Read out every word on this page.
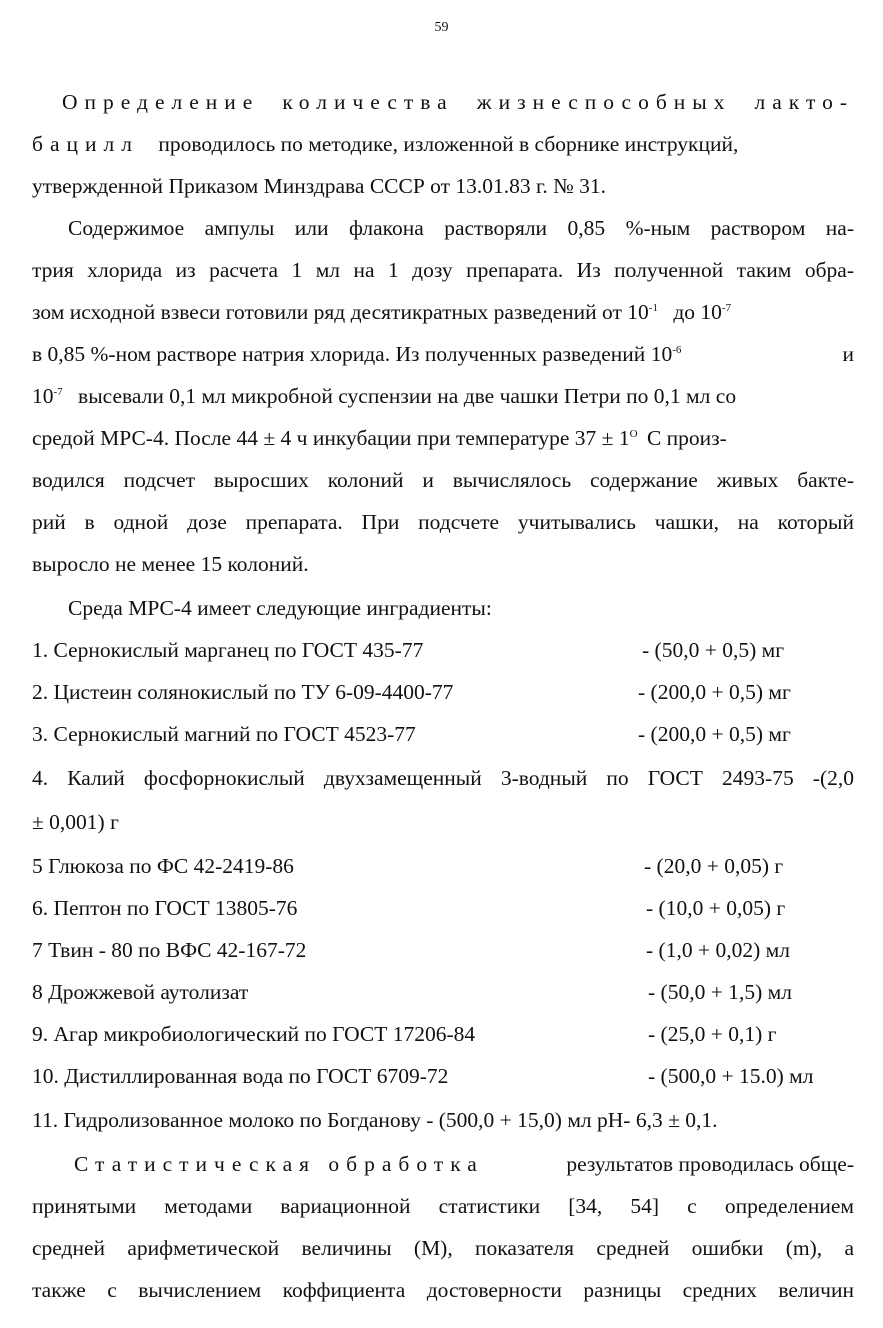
59
Определение количества жизнеспособных лакто-
бацилл проводилось по методике, изложенной в сборнике инструкций,
утвержденной Приказом Минздрава СССР от 13.01.83 г. № 31.
Содержимое ампулы или флакона растворяли 0,85 %-ным раствором на-
трия хлорида из расчета 1 мл на 1 дозу препарата. Из полученной таким обра-
зом исходной взвеси готовили ряд десятикратных разведений от $10^{-1}$ до $10^{-7}$
в 0,85 %-ном растворе натрия хлорида. Из полученных разведений $10^{-6}$	и
$10^{-7}$ высевали 0,1 мл микробной суспензии на две чашки Петри по 0,1 мл со
средой МРС-4. После 44 ± 4 ч инкубации при температуре $37 \pm 1^O$ C произ-
водился подсчет выросших колоний и вычислялось содержание живых бакте-
рий в одной дозе препарата. При подсчете учитывались чашки, на который
выросло не менее 15 колоний.
Среда МРС-4 имеет следующие инградиенты:
1. Сернокислый марганец по ГОСТ 435-77	- (50,0 + 0,5) мг
2. Цистеин солянокислый по ТУ 6-09-4400-77	- (200,0 + 0,5) мг
3. Сернокислый магний по ГОСТ 4523-77	- (200,0 + 0,5) мг
4. Калий фосфорнокислый двухзамещенный 3-водный по ГОСТ 2493-75 -(2,0
± 0,001) г
5 Глюкоза по ФС 42-2419-86	- (20,0 + 0,05) г
6. Пептон по ГОСТ 13805-76	- (10,0 + 0,05) г
7 Твин - 80 по ВФС 42-167-72	- (1,0 + 0,02) мл
8 Дрожжевой аутолизат	- (50,0 + 1,5) мл
9. Агар микробиологический по ГОСТ 17206-84	- (25,0 + 0,1) г
10. Дистиллированная вода по ГОСТ 6709-72	- (500,0 + 15.0) мл
11. Гидролизованное молоко по Богданову - (500,0 + 15,0) мл рН- 6,3 ± 0,1.
Статистическая обработка	результатов проводилась обще-
принятыми методами вариационной статистики [34, 54] с определением
средней арифметической величины (М), показателя средней ошибки (m), а
также с вычислением коффициента достоверности разницы средних величин
